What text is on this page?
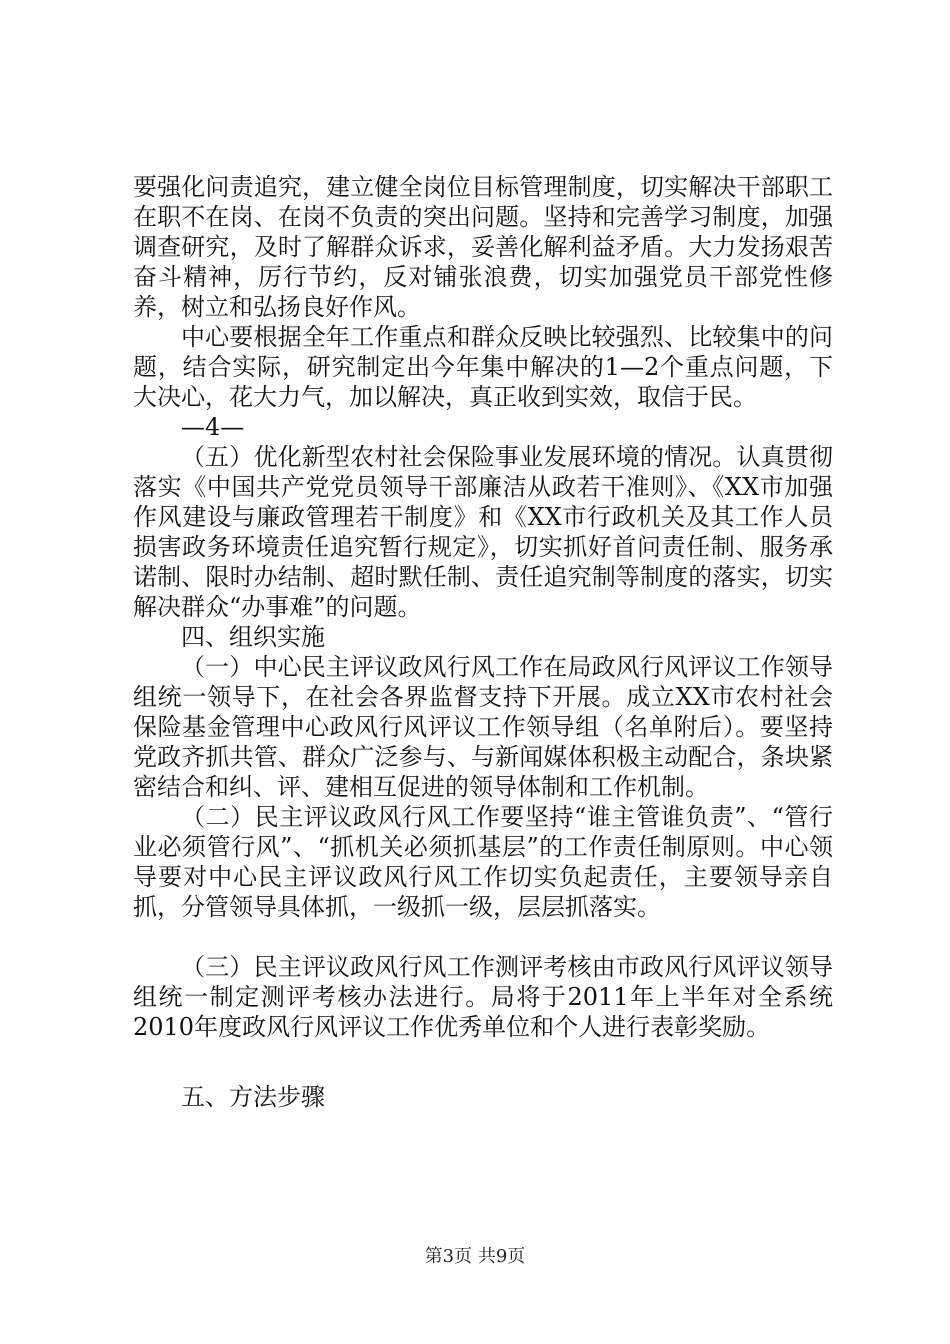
要强化问责追究，建立健全岗位目标管理制度，切实解决干部职工在职不在岗、在岗不负责的突出问题。坚持和完善学习制度，加强调查研究，及时了解群众诉求，妥善化解利益矛盾。大力发扬艰苦奋斗精神，厉行节约，反对铺张浪费，切实加强党员干部党性修养，树立和弘扬良好作风。

中心要根据全年工作重点和群众反映比较强烈、比较集中的问题，结合实际，研究制定出今年集中解决的1—2个重点问题，下大决心，花大力气，加以解决，真正收到实效，取信于民。

—4—

（五）优化新型农村社会保险事业发展环境的情况。认真贯彻落实《中国共产党党员领导干部廉洁从政若干准则》、《XX市加强作风建设与廉政管理若干制度》和《XX市行政机关及其工作人员损害政务环境责任追究暂行规定》，切实抓好首问责任制、服务承诺制、限时办结制、超时默任制、责任追究制等制度的落实，切实解决群众“办事难”的问题。

四、组织实施

（一）中心民主评议政风行风工作在局政风行风评议工作领导组统一领导下，在社会各界监督支持下开展。成立XX市农村社会保险基金管理中心政风行风评议工作领导组（名单附后）。要坚持党政齐抓共管、群众广泛参与、与新闻媒体积极主动配合，条块紧密结合和纠、评、建相互促进的领导体制和工作机制。

（二）民主评议政风行风工作要坚持“谁主管谁负责”、“管行业必须管行风”、“抓机关必须抓基层”的工作责任制原则。中心领导要对中心民主评议政风行风工作切实负起责任，主要领导亲自抓，分管领导具体抓，一级抓一级，层层抓落实。

（三）民主评议政风行风工作测评考核由市政风行风评议领导组统一制定测评考核办法进行。局将于2011年上半年对全系统2010年度政风行风评议工作优秀单位和个人进行表彰奖励。

五、方法步骤

第3页 共9页
